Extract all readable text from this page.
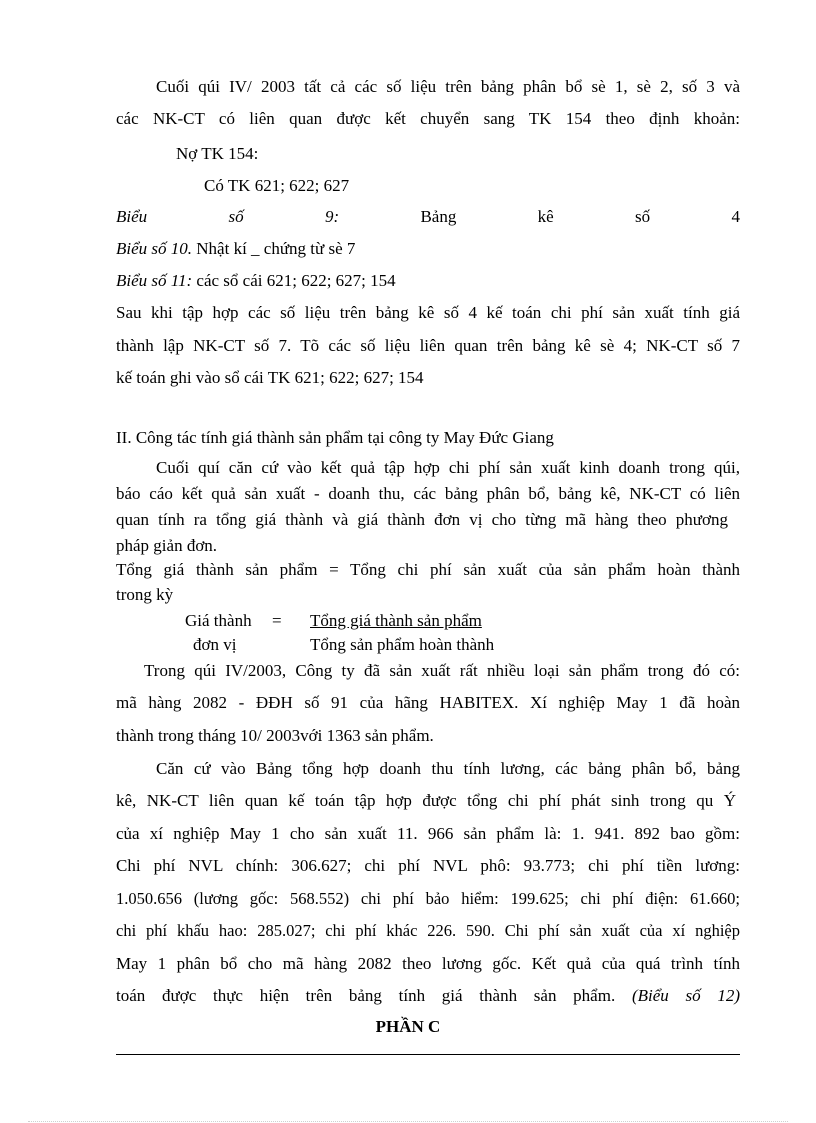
Cuối qúi IV/ 2003 tất cả các số liệu trên bảng phân bổ sè 1, sè 2, số 3 và
các NK-CT có liên quan được kết chuyển sang TK 154 theo định khoản:
Nợ TK 154:
Có TK 621; 622; 627
Biểu	số	9:	Bảng	kê	số	4
Biểu số 10. Nhật kí _ chứng từ sè 7
Biểu số 11: các sổ cái 621; 622; 627; 154
Sau khi tập hợp các số liệu trên bảng kê số 4 kế toán chi phí sản xuất tính giá
thành lập NK-CT số 7. Tõ các số liệu liên quan trên bảng kê sè 4; NK-CT số 7
kế toán ghi vào sổ cái TK 621; 622; 627; 154
II. Công tác tính giá thành sản phẩm tại công ty May Đức Giang
Cuối quí căn cứ vào kết quả tập hợp chi phí sản xuất kinh doanh trong qúi,
báo cáo kết quả sản xuất - doanh thu, các bảng phân bổ, bảng kê, NK-CT có liên
quan tính ra tổng giá thành và giá thành đơn vị cho từng mã hàng theo phương
pháp giản đơn.
Tổng giá thành sản phẩm = Tổng chi phí sản xuất của sản phẩm hoàn thành
trong kỳ
Giá thành = Tổng giá thành sản phẩm
đơn vị	Tổng sản phẩm hoàn thành
Trong qúi IV/2003, Công ty đã sản xuất rất nhiều loại sản phẩm trong đó có:
mã hàng 2082 - ĐĐH số 91 của hãng HABITEX. Xí nghiệp May 1 đã hoàn
thành trong tháng 10/ 2003với 1363 sản phẩm.
Căn cứ vào Bảng tổng hợp doanh thu tính lương, các bảng phân bổ, bảng
kê, NK-CT liên quan kế toán tập hợp được tổng chi phí phát sinh trong qu Ý
của xí nghiệp May 1 cho sản xuất 11. 966 sản phẩm là: 1. 941. 892 bao gồm:
Chi phí NVL chính: 306.627; chi phí NVL phô: 93.773; chi phí tiền lương:
1.050.656 (lương gốc: 568.552) chi phí bảo hiểm: 199.625; chi phí điện: 61.660;
chi phí khấu hao: 285.027; chi phí khác 226. 590. Chi phí sản xuất của xí nghiệp
May 1 phân bổ cho mã hàng 2082 theo lương gốc. Kết quả của quá trình tính
toán được thực hiện trên bảng tính giá thành sản phẩm. (Biểu số 12)
PHẦN C
